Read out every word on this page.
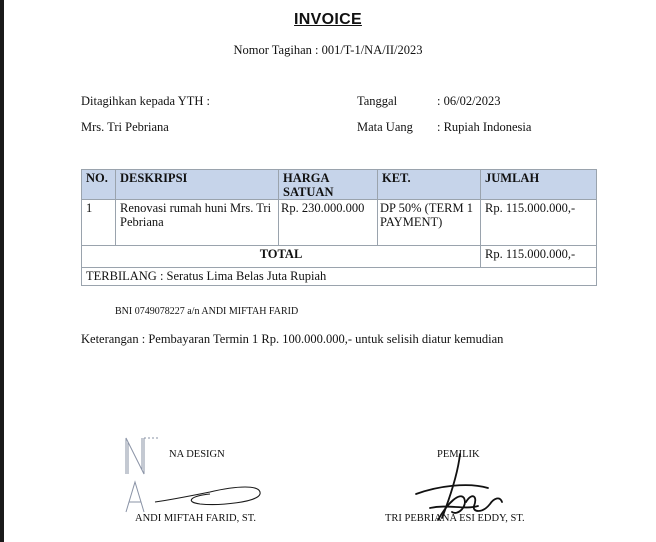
INVOICE
Nomor Tagihan : 001/T-1/NA/II/2023
Ditagihkan kepada YTH :
Mrs. Tri Pebriana
Tanggal	: 06/02/2023
Mata Uang : Rupiah Indonesia
NO.	DESKRIPSI	HARGA SATUAN	KET.	JUMLAH
1	Renovasi rumah huni Mrs. Tri Pebriana	Rp. 230.000.000	DP 50% (TERM 1 PAYMENT)	Rp. 115.000.000,-
TOTAL				Rp. 115.000.000,-
TERBILANG : Seratus Lima Belas Juta Rupiah				
BNI 0749078227 a/n ANDI MIFTAH FARID
Keterangan : Pembayaran Termin 1 Rp. 100.000.000,- untuk selisih diatur kemudian
NA DESIGN
ANDI MIFTAH FARID, ST.
PEMILIK
TRI PEBRIANA ESI EDDY, ST.
